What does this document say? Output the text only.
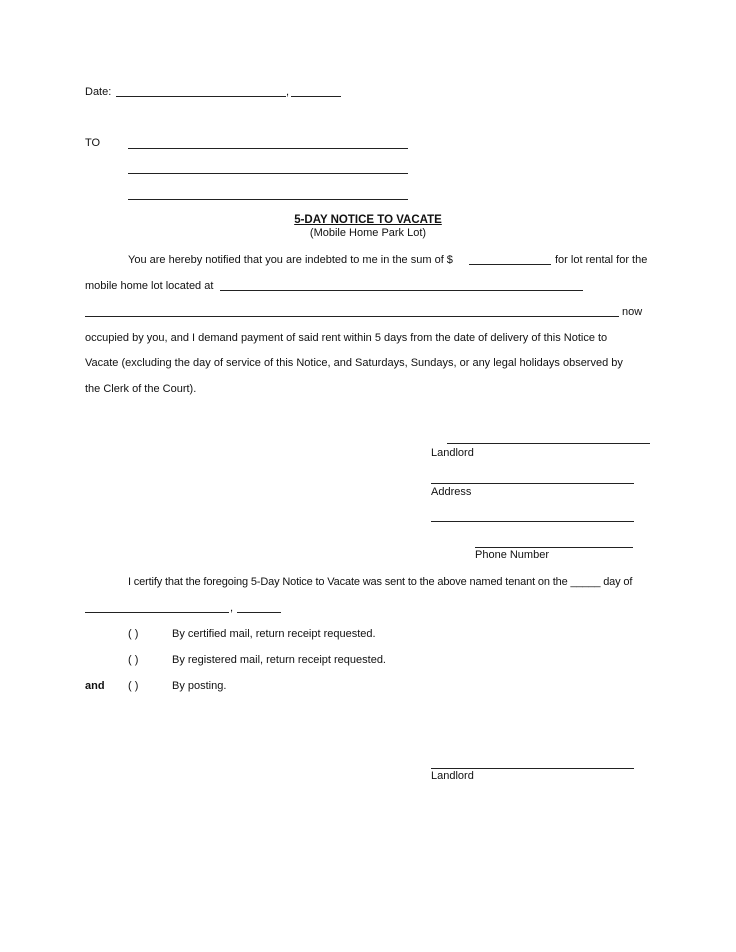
Date:	,
TO
5-DAY NOTICE TO VACATE
(Mobile Home Park Lot)
You are hereby notified that you are indebted to me in the sum of $	for lot rental for the
mobile home lot located at
now
occupied by you, and I demand payment of said rent within 5 days from the date of delivery of this Notice to
Vacate (excluding the day of service of this Notice, and Saturdays, Sundays, or any legal holidays observed by
the Clerk of the Court).
Landlord
Address
Phone Number
I certify that the foregoing 5-Day Notice to Vacate was sent to the above named tenant on the _____ day of
,
( )	By certified mail, return receipt requested.
( )	By registered mail, return receipt requested.
and ( )	By posting.
Landlord
